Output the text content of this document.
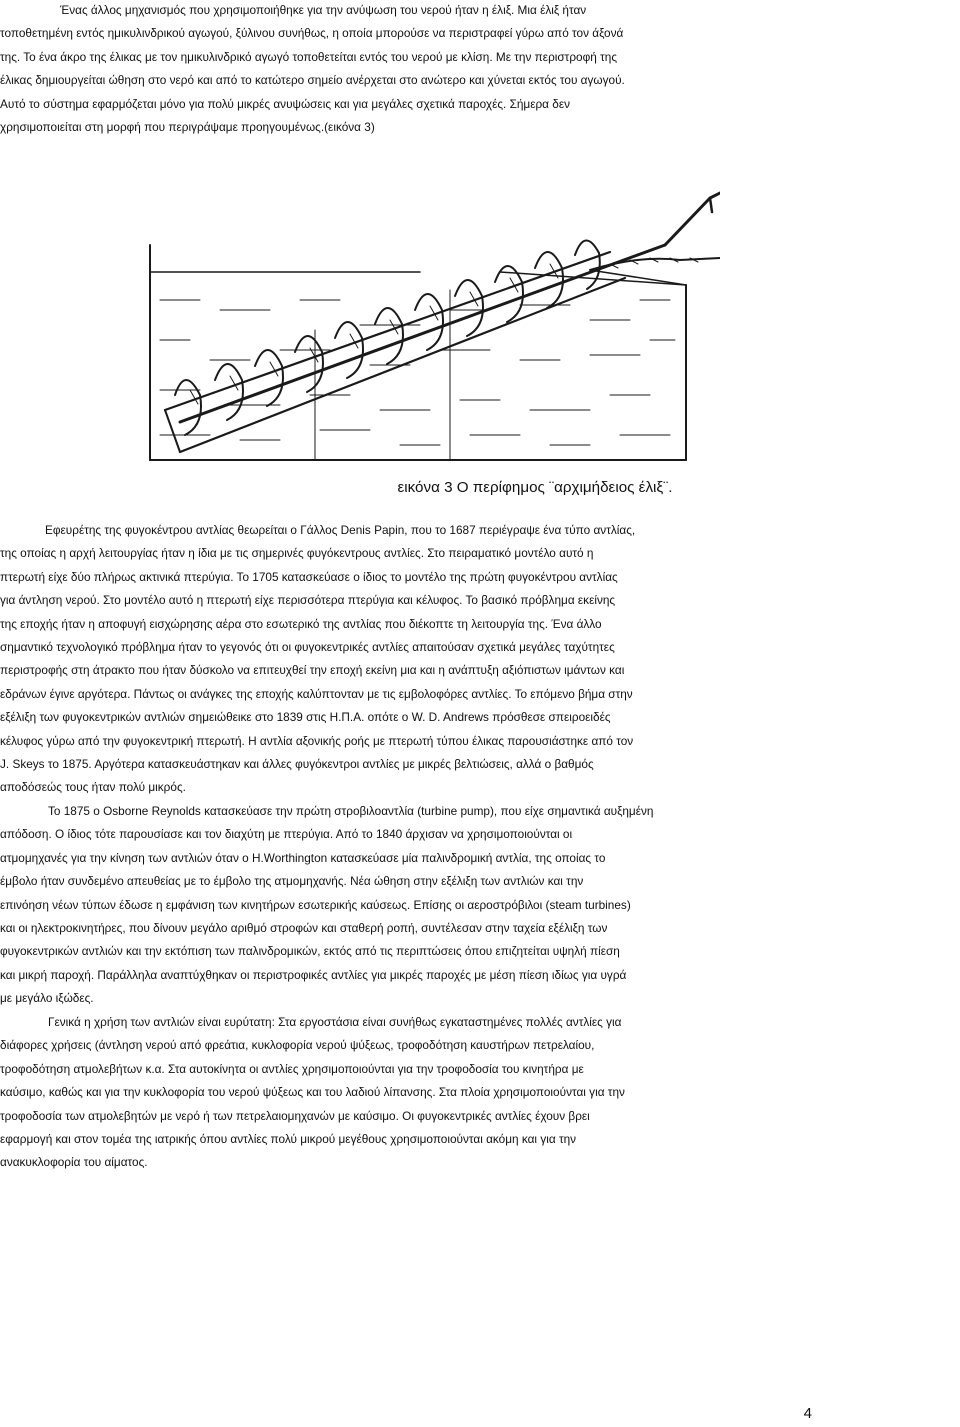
Ένας άλλος μηχανισμός που χρησιμοποιήθηκε για την ανύψωση του νερού ήταν η έλιξ. Μια έλιξ ήταν
τοποθετημένη εντός ημικυλινδρικού αγωγού, ξύλινου συνήθως, η οποία μπορούσε να περιστραφεί γύρω από τον άξονά
της. Το ένα άκρο της έλικας με τον ημικυλινδρικό αγωγό τοποθετείται εντός του νερού με κλίση. Με την περιστροφή της
έλικας δημιουργείται ώθηση στο νερό και από το κατώτερο σημείο ανέρχεται στο ανώτερο και χύνεται εκτός του αγωγού.
Αυτό το σύστημα εφαρμόζεται μόνο για πολύ μικρές ανυψώσεις και για μεγάλες σχετικά παροχές. Σήμερα δεν
χρησιμοποιείται στη μορφή που περιγράψαμε προηγουμένως.(εικόνα 3)
εικόνα 3 Ο περίφημος ¨αρχιμήδειος έλιξ¨.
Εφευρέτης της φυγοκέντρου αντλίας θεωρείται ο Γάλλος Denis Papin, που το 1687 περιέγραψε ένα τύπο αντλίας,
της οποίας η αρχή λειτουργίας ήταν η ίδια με τις σημερινές φυγόκεντρους αντλίες. Στο πειραματικό μοντέλο αυτό η
πτερωτή είχε δύο πλήρως ακτινικά πτερύγια. Το 1705 κατασκεύασε ο ίδιος το μοντέλο της πρώτη φυγοκέντρου αντλίας
για άντληση νερού. Στο μοντέλο αυτό η πτερωτή είχε περισσότερα πτερύγια και κέλυφος. Το βασικό πρόβλημα εκείνης
της εποχής ήταν η αποφυγή εισχώρησης αέρα στο εσωτερικό της αντλίας που διέκοπτε τη λειτουργία της. Ένα άλλο
σημαντικό τεχνολογικό πρόβλημα ήταν το γεγονός ότι οι φυγοκεντρικές αντλίες απαιτούσαν σχετικά μεγάλες ταχύτητες
περιστροφής στη άτρακτο που ήταν δύσκολο να επιτευχθεί την εποχή εκείνη μια και η ανάπτυξη αξιόπιστων ιμάντων και
εδράνων έγινε αργότερα. Πάντως οι ανάγκες της εποχής καλύπτονταν με τις εμβολοφόρες αντλίες. Το επόμενο βήμα στην
εξέλιξη των φυγοκεντρικών αντλιών σημειώθεικε στο 1839 στις Η.Π.Α. οπότε ο W. D. Andrews πρόσθεσε σπειροειδές
κέλυφος γύρω από την φυγοκεντρική πτερωτή. Η αντλία αξονικής ροής με πτερωτή τύπου έλικας παρουσιάστηκε από τον
J. Skeys το 1875. Αργότερα κατασκευάστηκαν και άλλες φυγόκεντροι αντλίες με μικρές βελτιώσεις, αλλά ο βαθμός
αποδόσεώς τους ήταν πολύ μικρός.
Το 1875 ο Osborne Reynolds κατασκεύασε την πρώτη στροβιλοαντλία (turbine pump), που είχε σημαντικά αυξημένη
απόδοση. Ο ίδιος τότε παρουσίασε και τον διαχύτη με πτερύγια. Από το 1840 άρχισαν να χρησιμοποιούνται οι
ατμομηχανές για την κίνηση των αντλιών όταν ο H.Worthington κατασκεύασε μία παλινδρομική αντλία, της οποίας το
έμβολο ήταν συνδεμένο απευθείας με το έμβολο της ατμομηχανής. Νέα ώθηση στην εξέλιξη των αντλιών και την
επινόηση νέων τύπων έδωσε η εμφάνιση των κινητήρων εσωτερικής καύσεως. Επίσης οι αεροστρόβιλοι (steam turbines)
και οι ηλεκτροκινητήρες, που δίνουν μεγάλο αριθμό στροφών και σταθερή ροπή, συντέλεσαν στην ταχεία εξέλιξη των
φυγοκεντρικών αντλιών και την εκτόπιση των παλινδρομικών, εκτός από τις περιπτώσεις όπου επιζητείται υψηλή πίεση
και μικρή παροχή. Παράλληλα αναπτύχθηκαν οι περιστροφικές αντλίες για μικρές παροχές με μέση πίεση ιδίως για υγρά
με μεγάλο ιξώδες.
Γενικά η χρήση των αντλιών είναι ευρύτατη: Στα εργοστάσια είναι συνήθως εγκαταστημένες πολλές αντλίες για
διάφορες χρήσεις (άντληση νερού από φρεάτια, κυκλοφορία νερού ψύξεως, τροφοδότηση καυστήρων πετρελαίου,
τροφοδότηση ατμολεβήτων κ.α. Στα αυτοκίνητα οι αντλίες χρησιμοποιούνται για την τροφοδοσία του κινητήρα με
καύσιμο, καθώς και για την κυκλοφορία του νερού ψύξεως και του λαδιού λίπανσης. Στα πλοία χρησιμοποιούνται για την
τροφοδοσία των ατμολεβητών με νερό ή των πετρελαιομηχανών με καύσιμο. Οι φυγοκεντρικές αντλίες έχουν βρει
εφαρμογή και στον τομέα της ιατρικής όπου αντλίες πολύ μικρού μεγέθους χρησιμοποιούνται ακόμη και για την
ανακυκλοφορία του αίματος.
4
